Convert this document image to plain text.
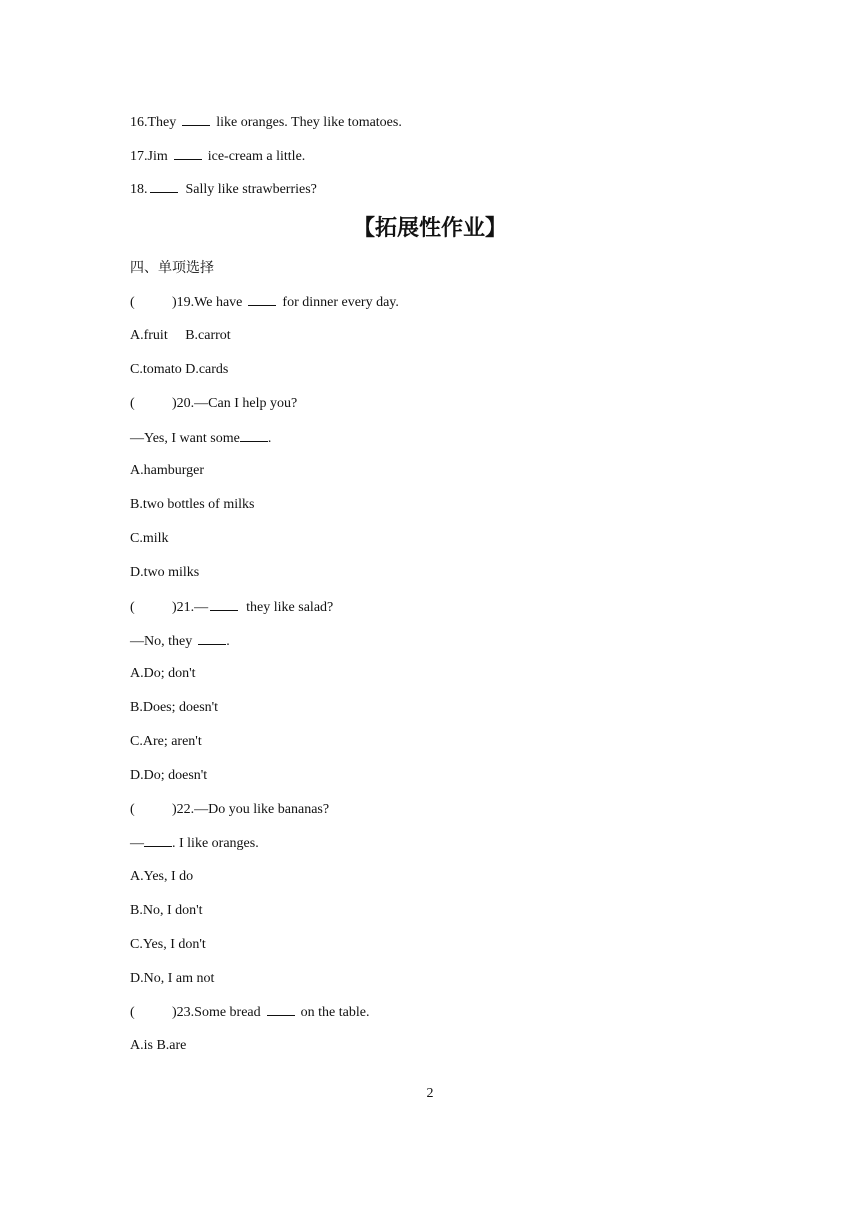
16.They	like oranges. They like tomatoes.
17.Jim	ice-cream a little.
18.	Sally like strawberries?
【拓展性作业】
四、单项选择
(	)19.We have	for dinner every day.
A.fruit     B.carrot
C.tomato D.cards
(	)20.—Can I help you?
—Yes, I want some .
A.hamburger
B.two bottles of milks
C.milk
D.two milks
(	)21.—	they like salad?
—No, they .
A.Do; don't
B.Does; doesn't
C.Are; aren't
D.Do; doesn't
(	)22.—Do you like bananas?
— . I like oranges.
A.Yes, I do
B.No, I don't
C.Yes, I don't
D.No, I am not
(	)23.Some bread	on the table.
A.is B.are
2
